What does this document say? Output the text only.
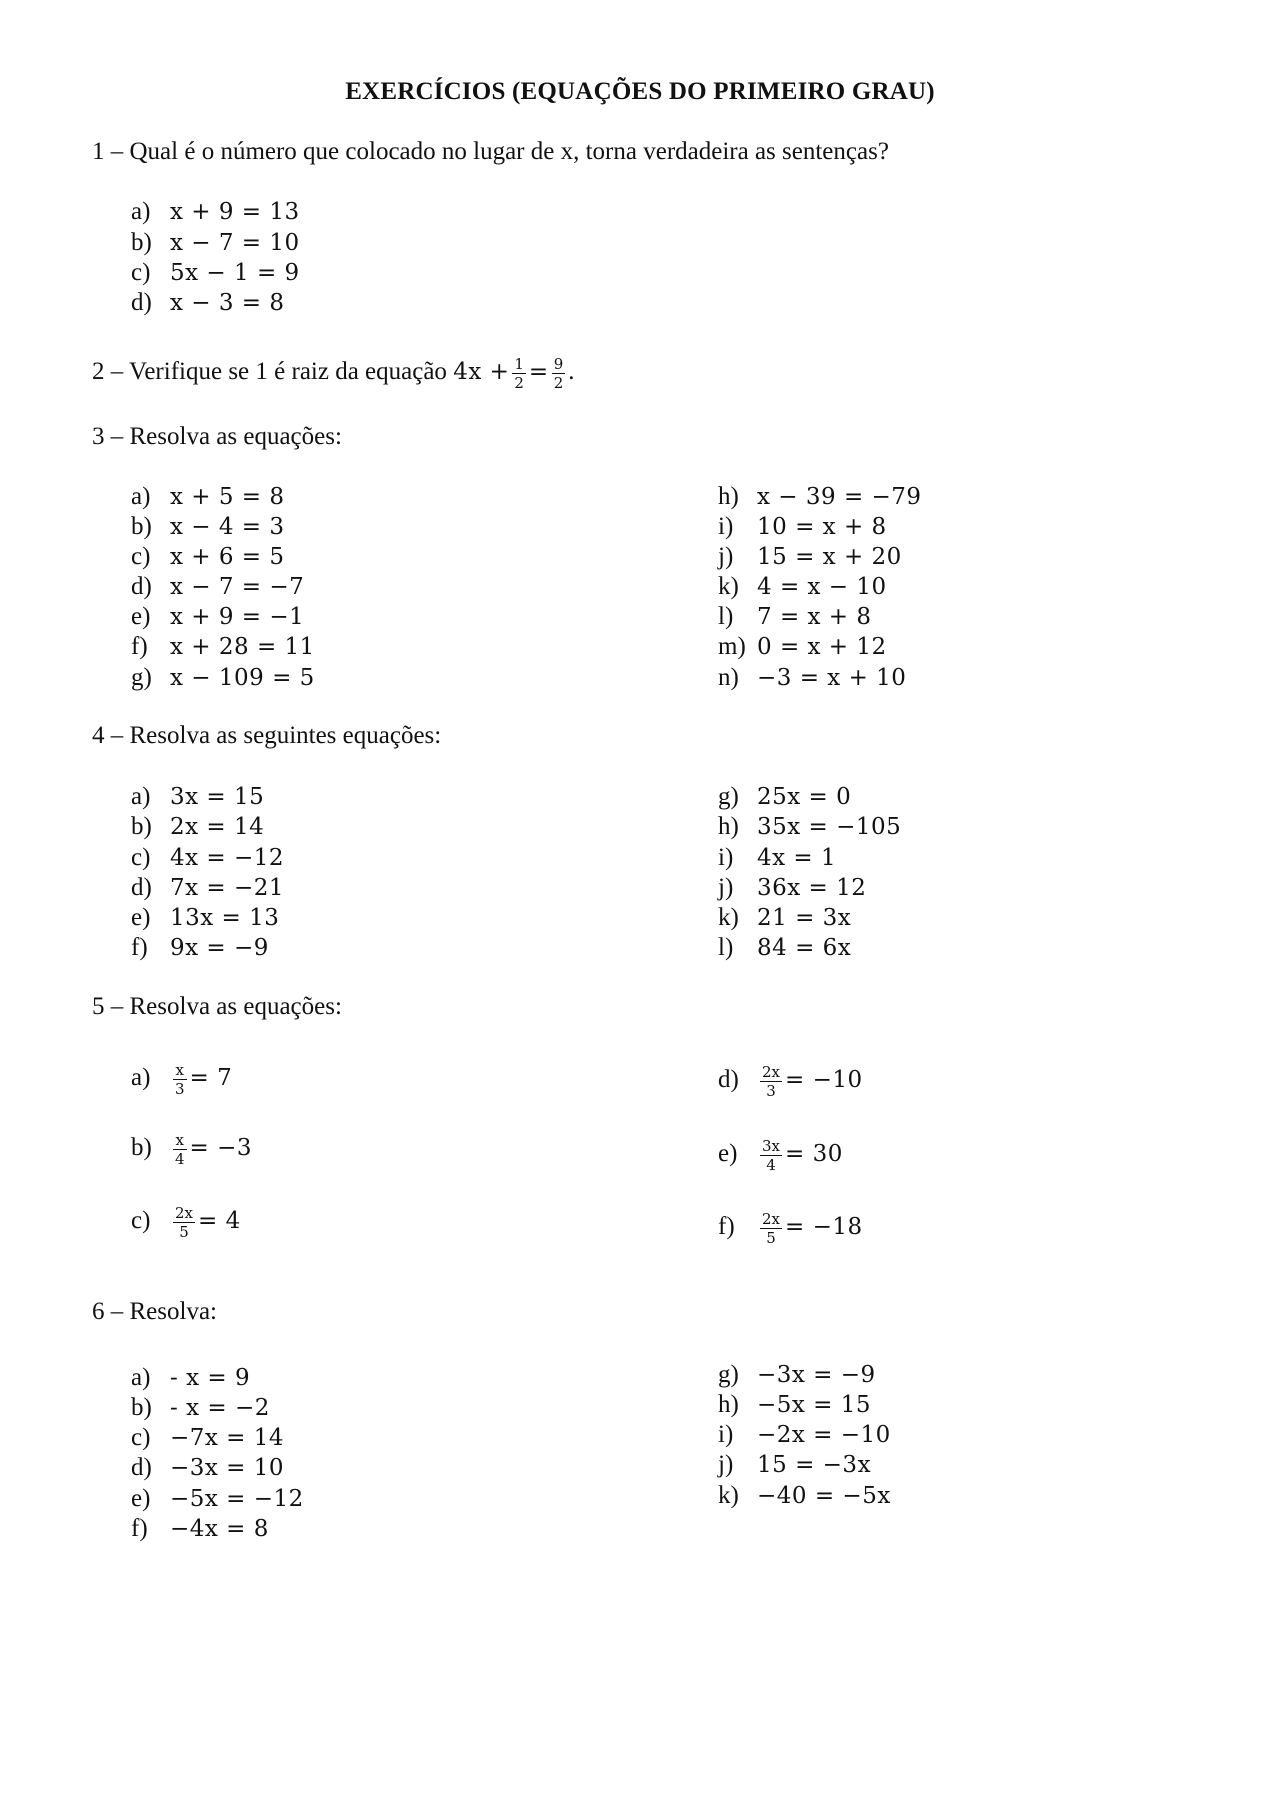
EXERCÍCIOS (EQUAÇÕES DO PRIMEIRO GRAU)
1 – Qual é o número que colocado no lugar de x, torna verdadeira as sentenças?
a) x + 9 = 13
b) x − 7 = 10
c) 5x − 1 = 9
d) x − 3 = 8
2 – Verifique se 1 é raiz da equação $4x + \frac{1}{2} = \frac{9}{2}$ .
3 – Resolva as equações:
a) x + 5 = 8
b) x − 4 = 3
c) x + 6 = 5
d) x − 7 = −7
e) x + 9 = −1
f) x + 28 = 11
g) x − 109 = 5
h) x − 39 = −79
i) 10 = x + 8
j) 15 = x + 20
k) 4 = x − 10
l) 7 = x + 8
m) 0 = x + 12
n) −3 = x + 10
4 – Resolva as seguintes equações:
a) 3x = 15
b) 2x = 14
c) 4x = −12
d) 7x = −21
e) 13x = 13
f) 9x = −9
g) 25x = 0
h) 35x = −105
i) 4x = 1
j) 36x = 12
k) 21 = 3x
l) 84 = 6x
5 – Resolva as equações:
$a) \frac{x}{3} = 7$
$b) \frac{x}{4} = -3$
$c) \frac{2x}{5} = 4$
$d) \frac{2x}{3} = -10$
$e) \frac{3x}{4} = 30$
$f) \frac{2x}{5} = -18$
6 – Resolva:
a) - x = 9
b) - x = −2
c) −7x = 14
d) −3x = 10
e) −5x = −12
f) −4x = 8
g) −3x = −9
h) −5x = 15
i) −2x = −10
j) 15 = −3x
k) −40 = −5x
